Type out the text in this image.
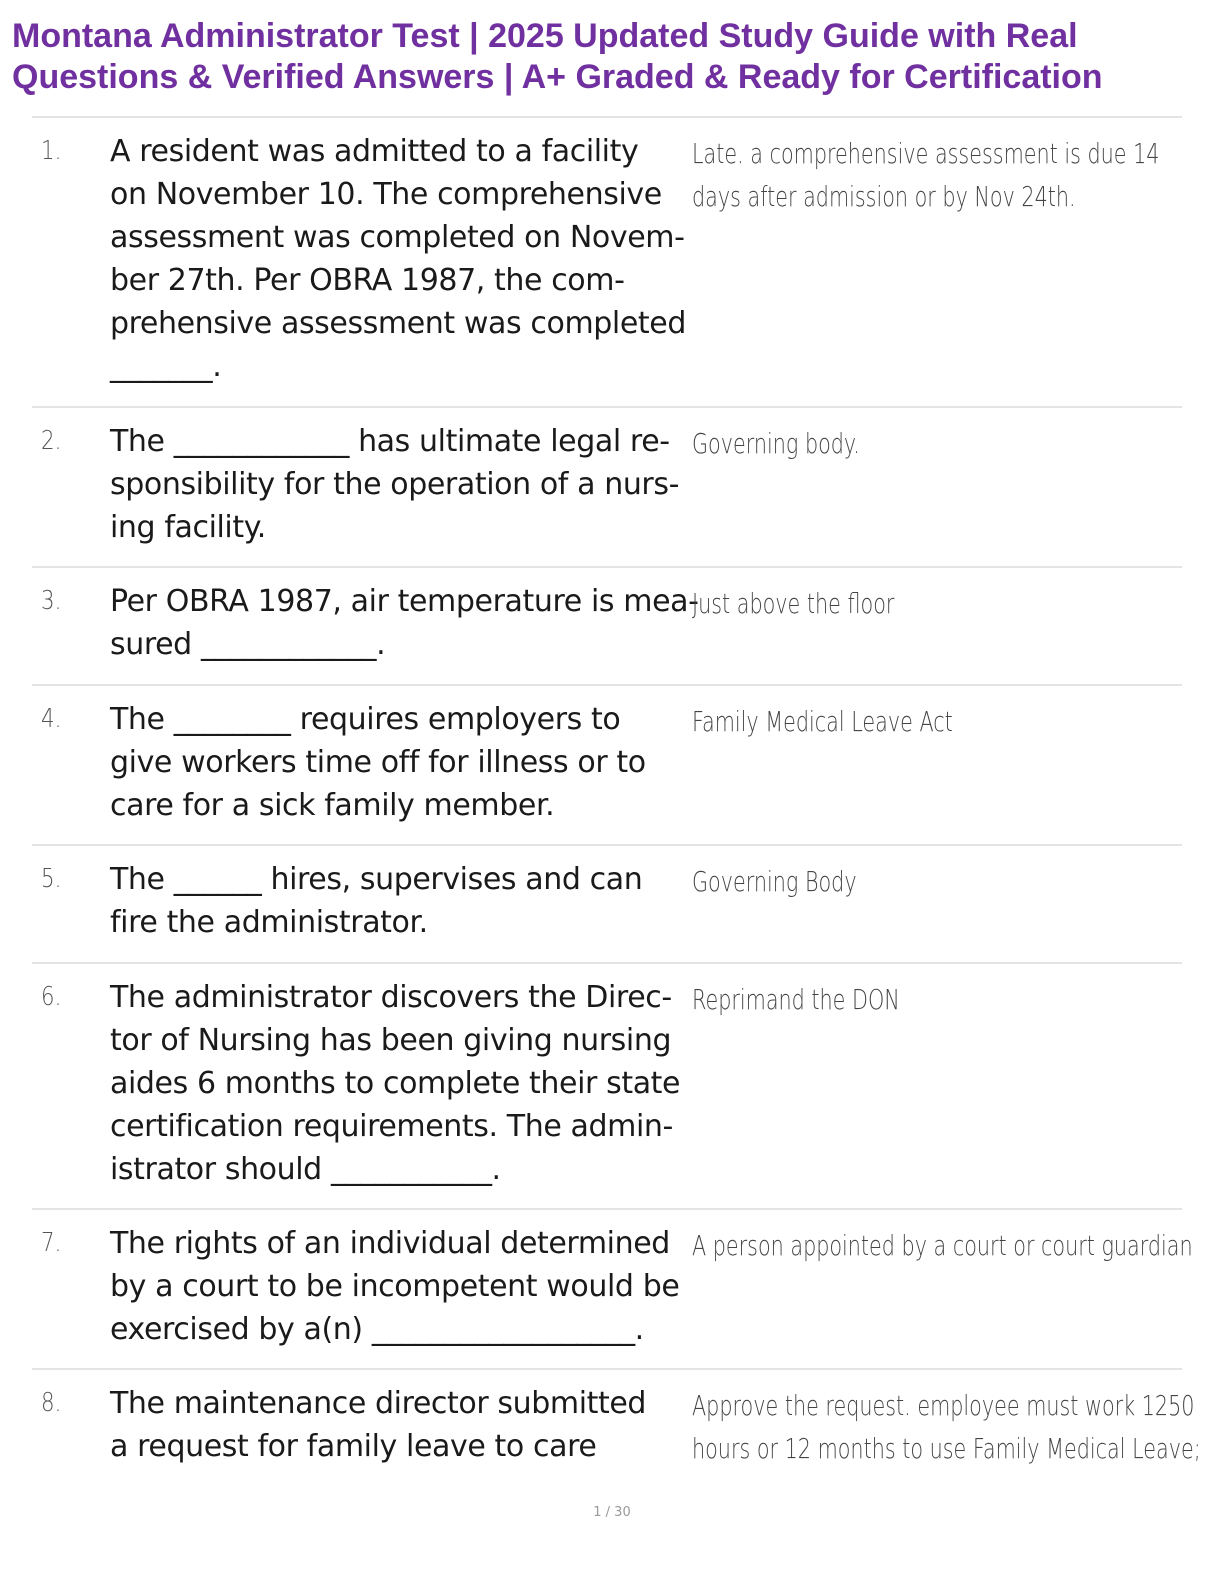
Montana Administrator Test | 2025 Updated Study Guide with Real
Questions & Verified Answers | A+ Graded & Ready for Certification
1. A resident was admitted to a facility
on November 10. The comprehensive
assessment was completed on Novem-
ber 27th. Per OBRA 1987, the com-
prehensive assessment was completed
_______.
Late. a comprehensive assessment is due 14
days after admission or by Nov 24th.
2. The ____________ has ultimate legal re-
sponsibility for the operation of a nurs-
ing facility.
Governing body.
3. Per OBRA 1987, air temperature is mea-
sured ____________.
Just above the floor
4. The ________ requires employers to
give workers time off for illness or to
care for a sick family member.
Family Medical Leave Act
5. The ______ hires, supervises and can
fire the administrator.
Governing Body
6. The administrator discovers the Direc-
tor of Nursing has been giving nursing
aides 6 months to complete their state
certification requirements. The admin-
istrator should ___________.
Reprimand the DON
7. The rights of an individual determined
by a court to be incompetent would be
exercised by a(n) __________________.
A person appointed by a court or court guardian
8. The maintenance director submitted
a request for family leave to care
Approve the request. employee must work 1250
hours or 12 months to use Family Medical Leave;
1 / 30
